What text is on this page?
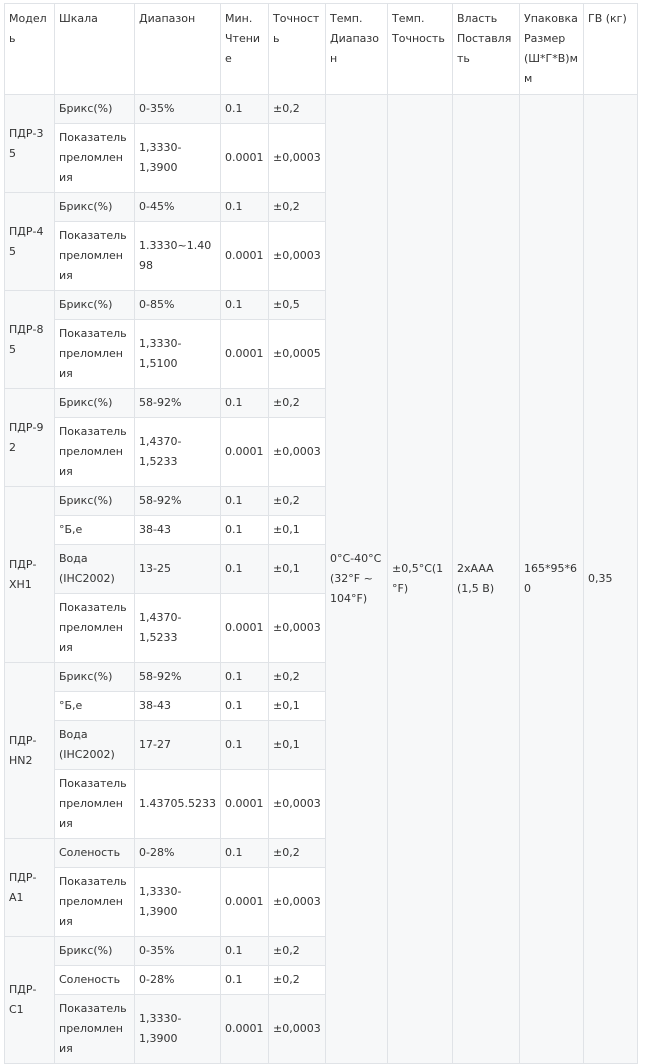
Модель	Шкала	Диапазон	Мин. Чтение	Точность	Темп. Диапазон	Темп. Точность	Власть Поставлять	Упаковка Размер (Ш*Г*В)мм	ГВ (кг)
ПДР-35	Брикс(%)	0-35%	0.1	±0,2	0°C-40°C (32°F ~ 104°F)	±0,5°C(1°F)	2xAAA (1,5 В)	165*95*60	0,35
	Показатель преломления	1,3330-1,3900	0.0001	±0,0003					
ПДР-45	Брикс(%)	0-45%	0.1	±0,2					
	Показатель преломления	1.3330~1.4098	0.0001	±0,0003					
ПДР-85	Брикс(%)	0-85%	0.1	±0,5					
	Показатель преломления	1,3330-1,5100	0.0001	±0,0005					
ПДР-92	Брикс(%)	58-92%	0.1	±0,2					
	Показатель преломления	1,4370-1,5233	0.0001	±0,0003					
ПДР-ХН1	Брикс(%)	58-92%	0.1	±0,2					
	°Б,е	38-43	0.1	±0,1					
	Вода (IHC2002)	13-25	0.1	±0,1					
	Показатель преломления	1,4370-1,5233	0.0001	±0,0003					
ПДР-HN2	Брикс(%)	58-92%	0.1	±0,2					
	°Б,е	38-43	0.1	±0,1					
	Вода (IHC2002)	17-27	0.1	±0,1					
	Показатель преломления	1.43705.5233	0.0001	±0,0003					
ПДР-А1	Соленость	0-28%	0.1	±0,2					
	Показатель преломления	1,3330-1,3900	0.0001	±0,0003					
ПДР-С1	Брикс(%)	0-35%	0.1	±0,2					
	Соленость	0-28%	0.1	±0,2					
	Показатель преломления	1,3330-1,3900	0.0001	±0,0003					
